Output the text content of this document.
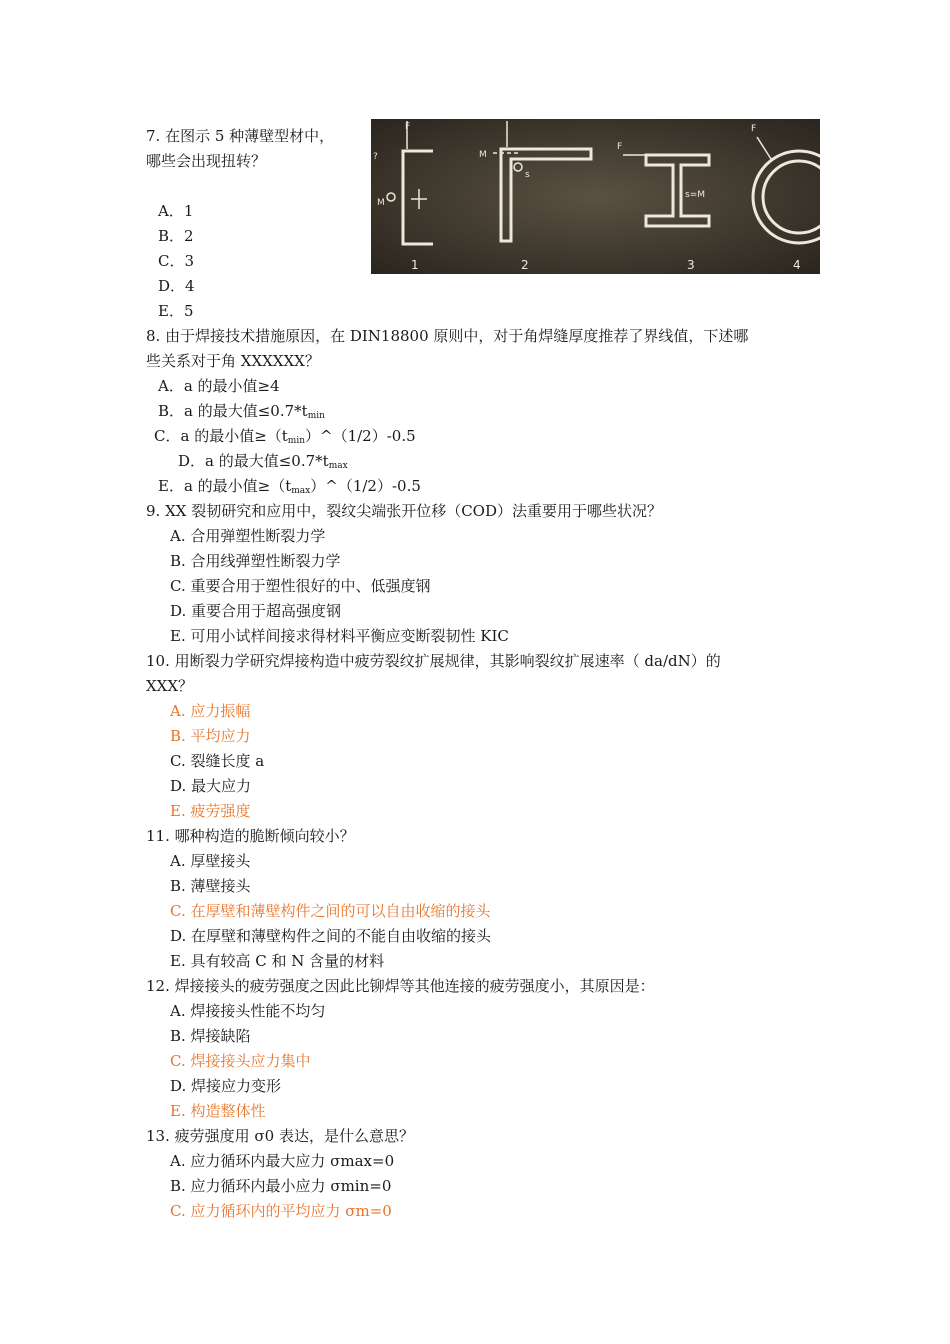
7. 在图示 5 种薄壁型材中，
哪些会出现扭转？
A．1
B．2
C．3
D．4
E．5
F
M
M
s
F
s=M
F
?
1	2	3	4
8. 由于焊接技术措施原因，在 DIN18800 原则中，对于角焊缝厚度推荐了界线值，下述哪
些关系对于角 XXXXXX？
A．a 的最小值≥4
B．a 的最大值$\le 0.7*t_{min}$
C．a 的最小值$\ge(t_{min})\^{}(1/2)-0.5$
D．a 的最大值$\le 0.7*t_{max}$
E．a 的最小值$\ge(t_{max})\^{}(1/2)-0.5$
9. XX 裂韧研究和应用中，裂纹尖端张开位移（COD）法重要用于哪些状况？
A. 合用弹塑性断裂力学
B. 合用线弹塑性断裂力学
C. 重要合用于塑性很好的中、低强度钢
D. 重要合用于超高强度钢
E. 可用小试样间接求得材料平衡应变断裂韧性 KIC
10. 用断裂力学研究焊接构造中疲劳裂纹扩展规律，其影响裂纹扩展速率（ da/dN）的
XXX？
A. 应力振幅
B. 平均应力
C. 裂缝长度 a
D. 最大应力
E. 疲劳强度
11. 哪种构造的脆断倾向较小？
A. 厚壁接头
B. 薄壁接头
C. 在厚壁和薄壁构件之间的可以自由收缩的接头
D. 在厚壁和薄壁构件之间的不能自由收缩的接头
E. 具有较高 C 和 N 含量的材料
12. 焊接接头的疲劳强度之因此比铆焊等其他连接的疲劳强度小，其原因是：
A. 焊接接头性能不均匀
B. 焊接缺陷
C. 焊接接头应力集中
D. 焊接应力变形
E. 构造整体性
13. 疲劳强度用 σ0 表达，是什么意思？
A. 应力循环内最大应力 σmax=0
B. 应力循环内最小应力 σmin=0
C. 应力循环内的平均应力 σm=0
